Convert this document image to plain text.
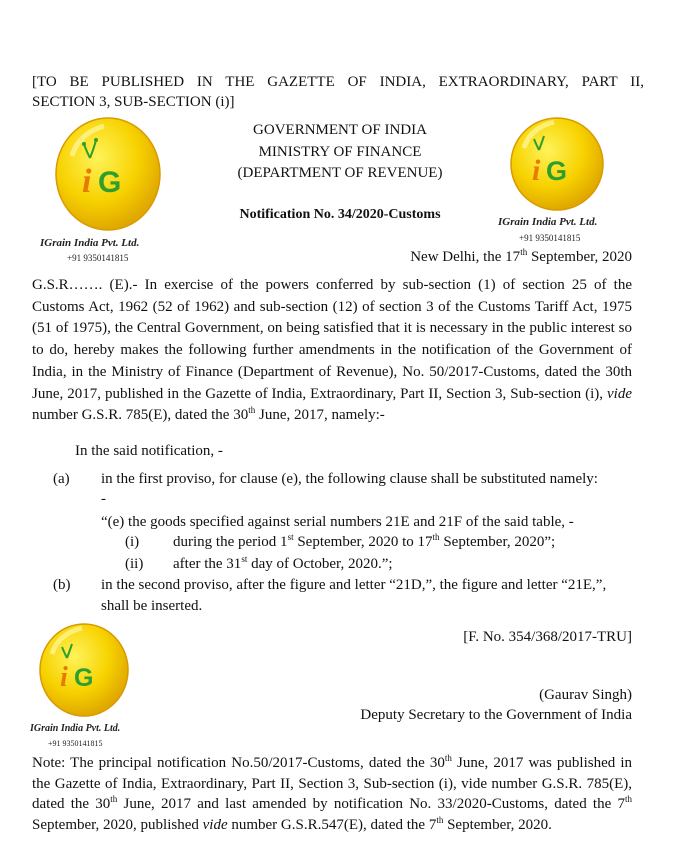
[TO BE PUBLISHED IN THE GAZETTE OF INDIA, EXTRAORDINARY, PART II,
SECTION 3, SUB-SECTION (i)]
GOVERNMENT OF INDIA
MINISTRY OF FINANCE
(DEPARTMENT OF REVENUE)
Notification No. 34/2020-Customs
New Delhi, the 17th September, 2020
i G
IGrain India Pvt. Ltd.
+91 9350141815
i G
IGrain India Pvt. Ltd.
+91 9350141815
G.S.R……. (E).- In exercise of the powers conferred by sub-section (1) of section 25 of the Customs Act, 1962 (52 of 1962) and sub-section (12) of section 3 of the Customs Tariff Act, 1975 (51 of 1975), the Central Government, on being satisfied that it is necessary in the public interest so to do, hereby makes the following further amendments in the notification of the Government of India, in the Ministry of Finance (Department of Revenue), No. 50/2017-Customs, dated the 30th June, 2017, published in the Gazette of India, Extraordinary, Part II, Section 3, Sub-section (i), vide number G.S.R. 785(E), dated the 30th June, 2017, namely:-
In the said notification, -
(a) in the first proviso, for clause (e), the following clause shall be substituted namely:
-
“(e) the goods specified against serial numbers 21E and 21F of the said table, -
(i) during the period 1st September, 2020 to 17th September, 2020”;
(ii) after the 31st day of October, 2020.”;
(b) in the second proviso, after the figure and letter “21D,”, the figure and letter “21E,”,
shall be inserted.
[F. No. 354/368/2017-TRU]
i G
IGrain India Pvt. Ltd.
+91 9350141815
(Gaurav Singh)
Deputy Secretary to the Government of India
Note: The principal notification No.50/2017-Customs, dated the 30th June, 2017 was published in the Gazette of India, Extraordinary, Part II, Section 3, Sub-section (i), vide number G.S.R. 785(E), dated the 30th June, 2017 and last amended by notification No. 33/2020-Customs, dated the 7th September, 2020, published vide number G.S.R.547(E), dated the 7th September, 2020.
